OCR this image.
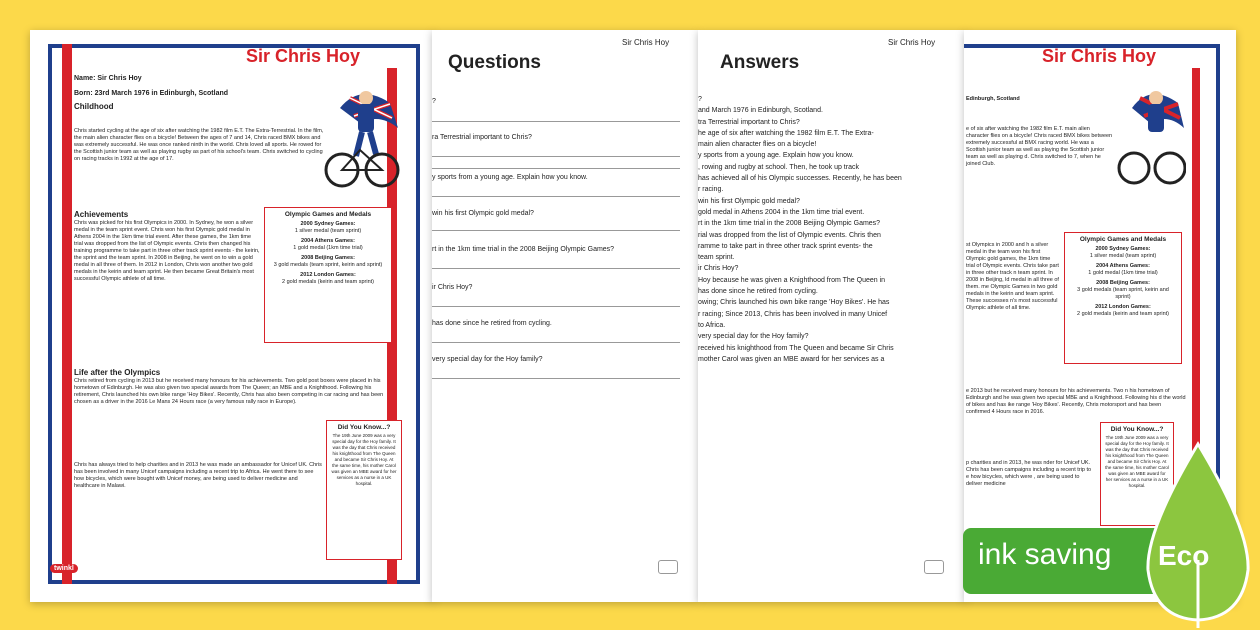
Sir Chris Hoy
Name: Sir Chris Hoy
Born: 23rd March 1976 in Edinburgh, Scotland
Childhood
Chris started cycling at the age of six after watching the 1982 film E.T. The Extra-Terrestrial. In the film, the main alien character flies on a bicycle! Between the ages of 7 and 14, Chris raced BMX bikes and was extremely successful. He was once ranked ninth in the world. Chris loved all sports. He rowed for the Scottish junior team as well as playing rugby as part of his school's team. Chris switched to cycling on racing tracks in 1992 at the age of 17.
Achievements
Chris was picked for his first Olympics in 2000. In Sydney, he won a silver medal in the team sprint event. Chris won his first Olympic gold medal in Athens 2004 in the 1km time trial event. After these games, the 1km time trial was dropped from the list of Olympic events. Chris then changed his training programme to take part in three other track sprint events - the keirin, the sprint and the team sprint. In 2008 in Beijing, he went on to win a gold medal in all three of them. In 2012 in London, Chris won another two gold medals in the keirin and team sprint. He then became Great Britain's most successful Olympic athlete of all time.
Olympic Games and Medals
2000 Sydney Games:
1 silver medal (team sprint)
2004 Athens Games:
1 gold medal (1km time trial)
2008 Beijing Games:
3 gold medals (team sprint, keirin and sprint)
2012 London Games:
2 gold medals (keirin and team sprint)
Life after the Olympics
Chris retired from cycling in 2013 but he received many honours for his achievements. Two gold post boxes were placed in his hometown of Edinburgh. He was also given two special awards from The Queen; an MBE and a Knighthood. Following his retirement, Chris launched his own bike range 'Hoy Bikes'. Recently, Chris has also been competing in car racing and has been chosen as a driver in the 2016 Le Mans 24 Hours race (a very famous rally race in Europe).
Chris has always tried to help charities and in 2013 he was made an ambassador for Unicef UK. Chris has been involved in many Unicef campaigns including a recent trip to Africa. He went there to see how bicycles, which were bought with Unicef money, are being used to deliver medicine and healthcare in Malawi.
Did You Know...?
The 19th June 2009 was a very special day for the Hoy family. It was the day that Chris received his knighthood from The Queen and became Sir Chris Hoy. At the same time, his mother Carol was given an MBE award for her services as a nurse in a UK hospital.
twinkl
Sir Chris Hoy
Questions
?
ra Terrestrial important to Chris?
y sports from a young age. Explain how you know.
win his first Olympic gold medal?
rt in the 1km time trial in the 2008 Beijing Olympic Games?
ir Chris Hoy?
has done since he retired from cycling.
very special day for the Hoy family?
Sir Chris Hoy
Answers
?
and March 1976 in Edinburgh, Scotland.
tra Terrestrial important to Chris?
he age of six after watching the 1982 film E.T. The Extra-
main alien character flies on a bicycle!
y sports from a young age. Explain how you know.
, rowing and rugby at school. Then, he took up track
has achieved all of his Olympic successes. Recently, he has been
r racing.
win his first Olympic gold medal?
gold medal in Athens 2004 in the 1km time trial event.
rt in the 1km time trial in the 2008 Beijing Olympic Games?
rial was dropped from the list of Olympic events. Chris then
ramme to take part in three other track sprint events- the
team sprint.
ir Chris Hoy?
Hoy because he was given a Knighthood from The Queen in
has done since he retired from cycling.
owing; Chris launched his own bike range 'Hoy Bikes'. He has
r racing; Since 2013, Chris has been involved in many Unicef
to Africa.
very special day for the Hoy family?
received his knighthood from The Queen and became Sir Chris
mother Carol was given an MBE award for her services as a
Sir Chris Hoy
Edinburgh, Scotland
e of six after watching the 1982 film E.T. main alien character flies on a bicycle! Chris raced BMX bikes between extremely successful at BMX racing world. He was a Scottish junior team as well as playing the Scottish junior team as well as playing d. Chris switched to 7, when he joined Club.
Olympic Games and Medals
2000 Sydney Games:
1 silver medal (team sprint)
2004 Athens Games:
1 gold medal (1km time trial)
2008 Beijing Games:
3 gold medals (team sprint, keirin and sprint)
2012 London Games:
2 gold medals (keirin and team sprint)
st Olympics in 2000 and h a silver medal in the team won his first Olympic gold games, the 1km time trial of Olympic events. Chris take part in three other track n team sprint. In 2008 in Beijing, ld medal in all three of them. me Olympic Games in two gold medals in the keirin and team sprint. These successes n's most successful Olympic athlete of all time.
e 2013 but he received many honours for his achievements. Two n his hometown of Edinburgh and he was given two special MBE and a Knighthood. Following his d the world of bikes and has ike range 'Hoy Bikes'. Recently, Chris motorsport and has been confirmed 4 Hours race in 2016.
p charities and in 2013, he was nder for Unicef UK. Chris has been campaigns including a recent trip to e how bicycles, which were , are being used to deliver medicine
Did You Know...?
The 19th June 2009 was a very special day for the Hoy family. It was the day that Chris received his knighthood from The Queen and became Sir Chris Hoy. At the same time, his mother Carol was given an MBE award for her services as a nurse in a UK hospital.
ink saving Eco
